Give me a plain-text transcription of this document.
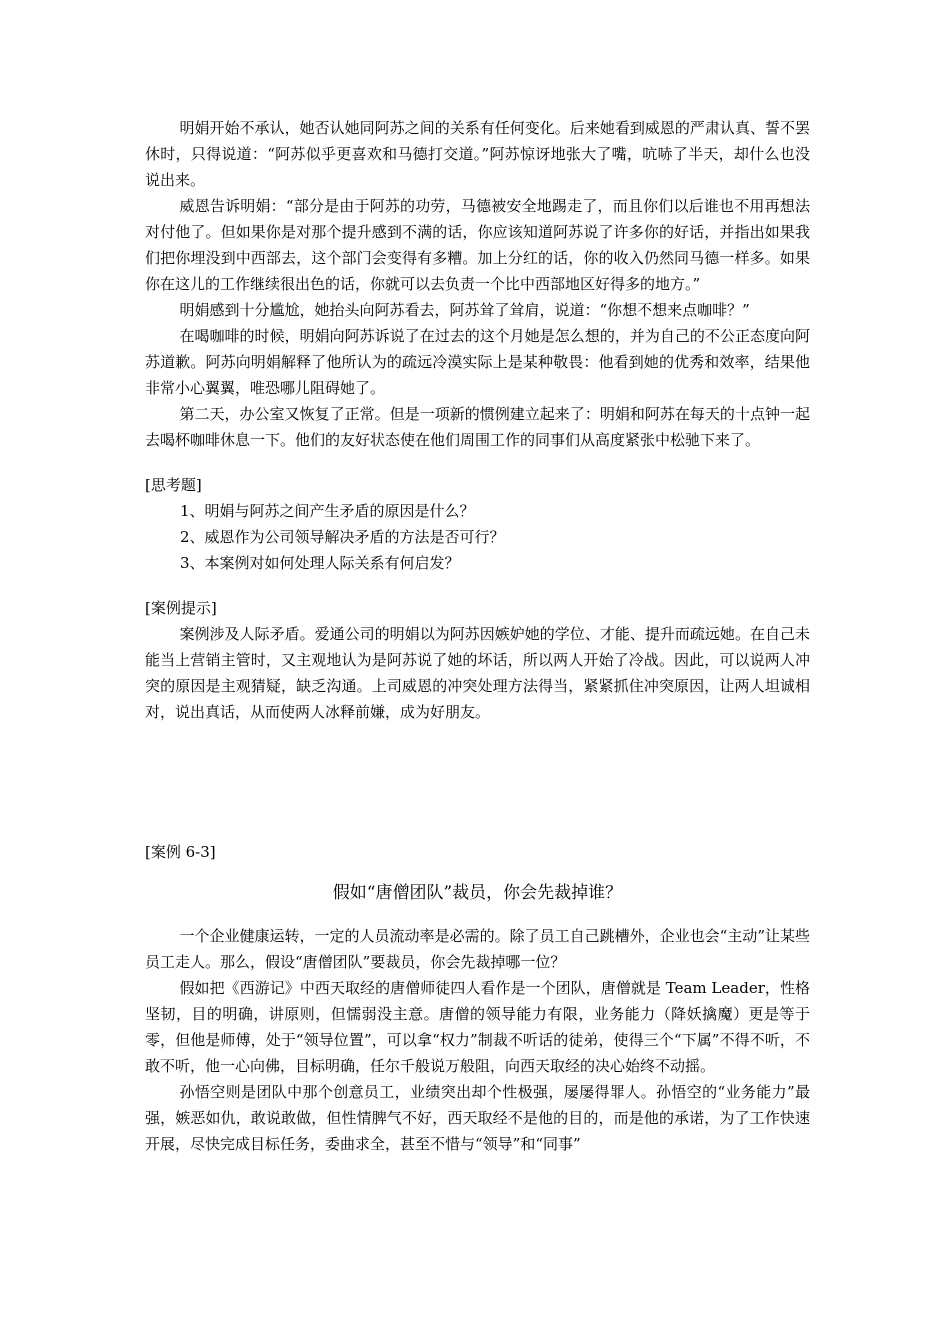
明娟开始不承认，她否认她同阿苏之间的关系有任何变化。后来她看到威恩的严肃认真、誓不罢休时，只得说道：“阿苏似乎更喜欢和马德打交道。”阿苏惊讶地张大了嘴，吭哧了半天，却什么也没说出来。

威恩告诉明娟：“部分是由于阿苏的功劳，马德被安全地踢走了，而且你们以后谁也不用再想法对付他了。但如果你是对那个提升感到不满的话，你应该知道阿苏说了许多你的好话，并指出如果我们把你埋没到中西部去，这个部门会变得有多糟。加上分红的话，你的收入仍然同马德一样多。如果你在这儿的工作继续很出色的话，你就可以去负责一个比中西部地区好得多的地方。”

明娟感到十分尴尬，她抬头向阿苏看去，阿苏耸了耸肩，说道：“你想不想来点咖啡？”

在喝咖啡的时候，明娟向阿苏诉说了在过去的这个月她是怎么想的，并为自己的不公正态度向阿苏道歉。阿苏向明娟解释了他所认为的疏远冷漠实际上是某种敬畏：他看到她的优秀和效率，结果他非常小心翼翼，唯恐哪儿阻碍她了。

第二天，办公室又恢复了正常。但是一项新的惯例建立起来了：明娟和阿苏在每天的十点钟一起去喝杯咖啡休息一下。他们的友好状态使在他们周围工作的同事们从高度紧张中松驰下来了。

[思考题]

1、明娟与阿苏之间产生矛盾的原因是什么？

2、威恩作为公司领导解决矛盾的方法是否可行？

3、本案例对如何处理人际关系有何启发？

[案例提示]

案例涉及人际矛盾。爱通公司的明娟以为阿苏因嫉妒她的学位、才能、提升而疏远她。在自己未能当上营销主管时，又主观地认为是阿苏说了她的坏话，所以两人开始了冷战。因此，可以说两人冲突的原因是主观猜疑，缺乏沟通。上司威恩的冲突处理方法得当，紧紧抓住冲突原因，让两人坦诚相对，说出真话，从而使两人冰释前嫌，成为好朋友。

[案例 6-3]

假如“唐僧团队”裁员，你会先裁掉谁？

一个企业健康运转，一定的人员流动率是必需的。除了员工自己跳槽外，企业也会“主动”让某些员工走人。那么，假设“唐僧团队”要裁员，你会先裁掉哪一位？

假如把《西游记》中西天取经的唐僧师徒四人看作是一个团队，唐僧就是 Team Leader，性格坚韧，目的明确，讲原则，但懦弱没主意。唐僧的领导能力有限，业务能力（降妖擒魔）更是等于零，但他是师傅，处于“领导位置”，可以拿“权力”制裁不听话的徒弟，使得三个“下属”不得不听，不敢不听，他一心向佛，目标明确，任尔千般说万般阻，向西天取经的决心始终不动摇。

孙悟空则是团队中那个创意员工，业绩突出却个性极强，屡屡得罪人。孙悟空的“业务能力”最强，嫉恶如仇，敢说敢做，但性情脾气不好，西天取经不是他的目的，而是他的承诺，为了工作快速开展，尽快完成目标任务，委曲求全，甚至不惜与“领导”和“同事”
